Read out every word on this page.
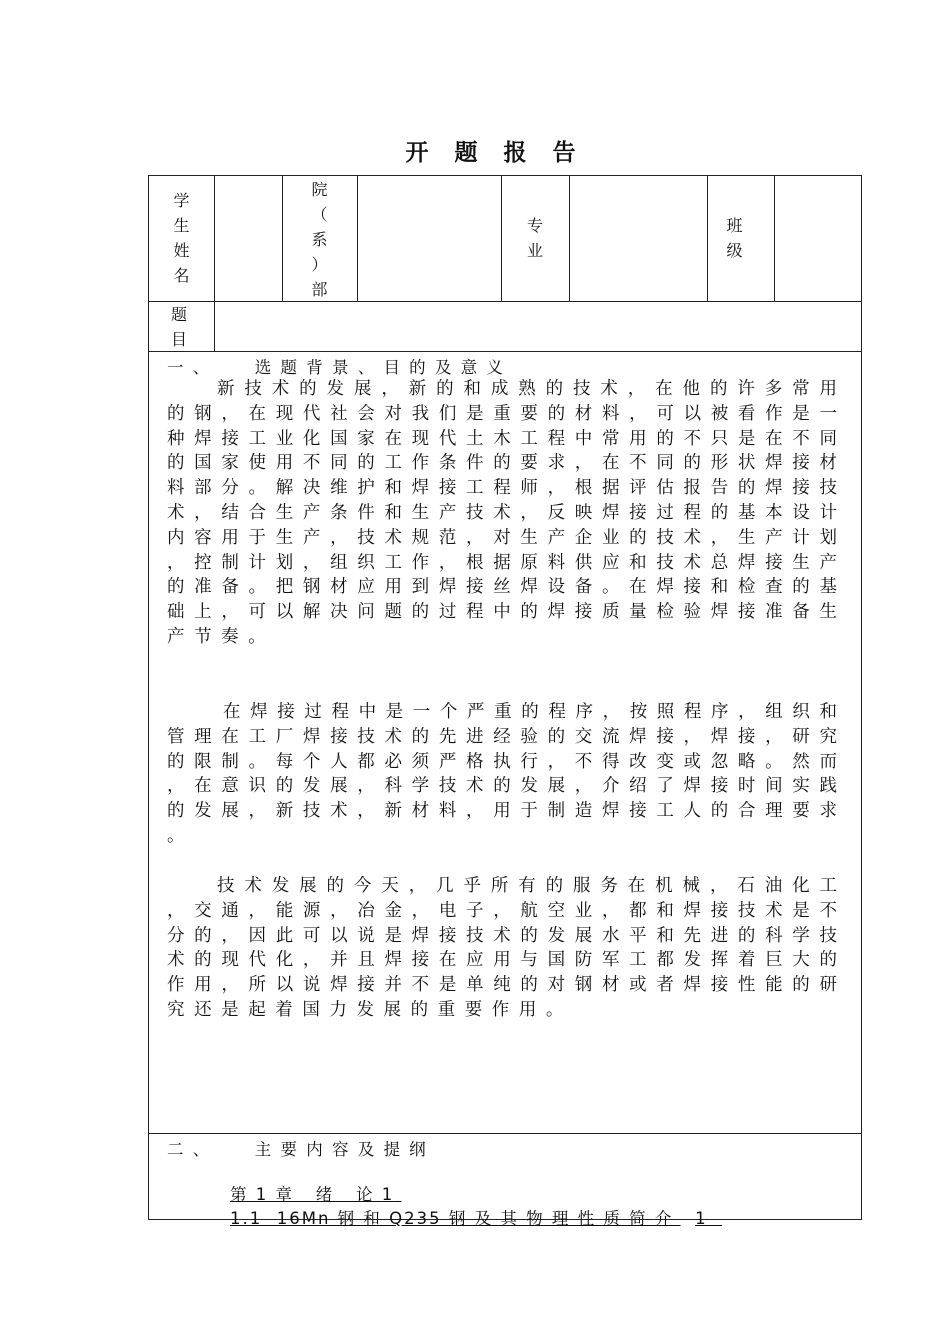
开 题 报 告
学
生
姓
名
院
（
系
）
部
专
业
班
级
题
目
一 、      选 题 背 景 、 目 的 及 意 义
新 技 术 的 发 展 ， 新 的 和 成 熟 的 技 术 ， 在 他 的 许 多 常 用 的 钢 ， 在 现 代 社 会 对 我 们 是 重 要 的 材 料 ， 可 以 被 看 作 是 一 种 焊 接 工 业 化 国 家 在 现 代 土 木 工 程 中 常 用 的 不 只 是 在 不 同 的 国 家 使 用 不 同 的 工 作 条 件 的 要 求 ， 在 不 同 的 形 状 焊 接 材 料 部 分 。 解 决 维 护 和 焊 接 工 程 师 ， 根 据 评 估 报 告 的 焊 接 技 术 ， 结 合 生 产 条 件 和 生 产 技 术 ， 反 映 焊 接 过 程 的 基 本 设 计 内 容 用 于 生 产 ， 技 术 规 范 ， 对 生 产 企 业 的 技 术 ， 生 产 计 划 ， 控 制 计 划 ， 组 织 工 作 ， 根 据 原 料 供 应 和 技 术 总 焊 接 生 产 的 准 备 。 把 钢 材 应 用 到 焊 接 丝 焊 设 备 。 在 焊 接 和 检 查 的 基 础 上 ， 可 以 解 决 问 题 的 过 程 中 的 焊 接 质 量 检 验 焊 接 准 备 生 产 节 奏 。
在 焊 接 过 程 中 是 一 个 严 重 的 程 序 ， 按 照 程 序 ， 组 织 和 管 理 在 工 厂 焊 接 技 术 的 先 进 经 验 的 交 流 焊 接 ， 焊 接 ， 研 究 的 限 制 。 每 个 人 都 必 须 严 格 执 行 ， 不 得 改 变 或 忽 略 。 然 而 ， 在 意 识 的 发 展 ， 科 学 技 术 的 发 展 ， 介 绍 了 焊 接 时 间 实 践 的 发 展 ， 新 技 术 ， 新 材 料 ， 用 于 制 造 焊 接 工 人 的 合 理 要 求 。
技 术 发 展 的 今 天 ， 几 乎 所 有 的 服 务 在 机 械 ， 石 油 化 工 ， 交 通 ， 能 源 ， 冶 金 ， 电 子 ， 航 空 业 ， 都 和 焊 接 技 术 是 不 分 的 ， 因 此 可 以 说 是 焊 接 技 术 的 发 展 水 平 和 先 进 的 科 学 技 术 的 现 代 化 ， 并 且 焊 接 在 应 用 与 国 防 军 工 都 发 挥 着 巨 大 的 作 用 ， 所 以 说 焊 接 并 不 是 单 纯 的 对 钢 材 或 者 焊 接 性 能 的 研 究 还 是 起 着 国 力 发 展 的 重 要 作 用 。
二 、      主 要 内 容 及 提 纲

第 1 章   绪   论 1

1.1  16Mn 钢 和 Q235 钢 及 其 物 理 性 质 简 介   1
